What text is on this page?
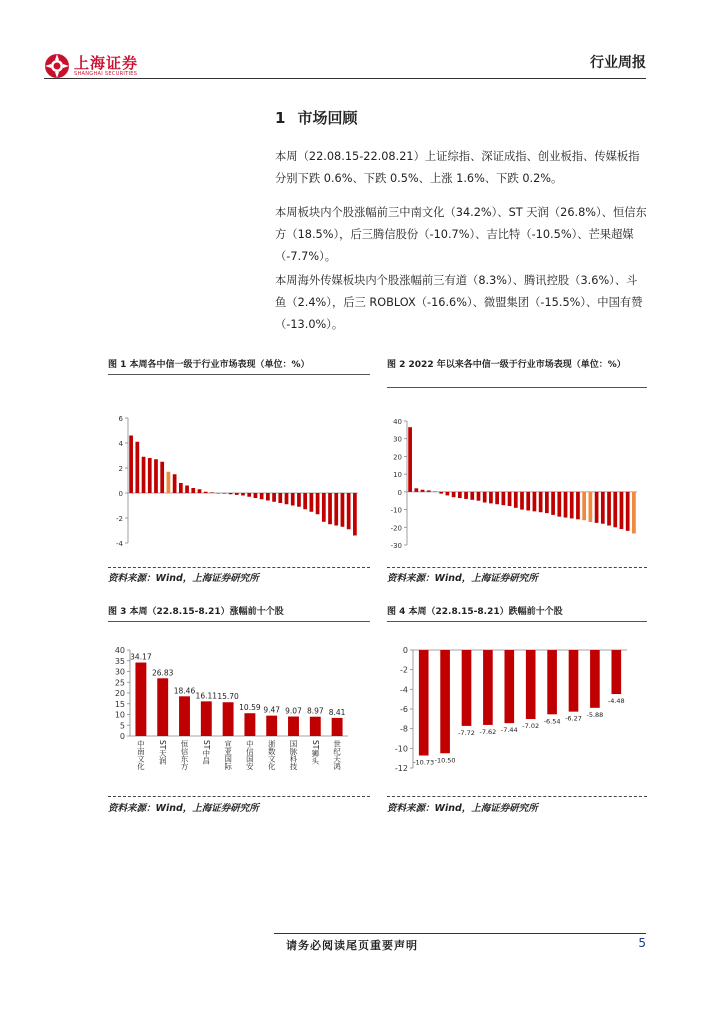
上海证券
SHANGHAI SECURITIES
行业周报
1 市场回顾
本周（22.08.15-22.08.21）上证综指、深证成指、创业板指、传媒板指分别下跌 0.6%、下跌 0.5%、上涨 1.6%、下跌 0.2%。
本周板块内个股涨幅前三中南文化（34.2%）、ST 天润（26.8%）、恒信东方（18.5%），后三腾信股份（-10.7%）、吉比特（-10.5%）、芒果超媒（-7.7%）。
本周海外传媒板块内个股涨幅前三有道（8.3%）、腾讯控股（3.6%）、斗鱼（2.4%），后三 ROBLOX（-16.6%）、微盟集团（-15.5%）、中国有赞（-13.0%）。
图 1 本周各中信一级于行业市场表现（单位：%）	图 2 2022 年以来各中信一级于行业市场表现（单位：%）
图 3 本周（22.8.15-8.21）涨幅前十个股	图 4 本周（22.8.15-8.21）跌幅前十个股
-4
-2
0
2
4
6
-30
-20
-10
0
10
20
30
40
0
5
10
15
20
25
30
35
40
34.17
中南文化
26.83
ST天润
18.46
恒信东方
16.11
ST中昌
15.70
宣亚国际
10.59
中信国安
9.47
浙数文化
9.07
国脉科技
8.97
ST狮头
8.41
世纪天鸿
0
-2
-4
-6
-8
-10
-12
-10.73 -10.50
-7.72 -7.62 -7.44
-7.02
-6.54 -6.27 -5.88
-4.48
资料来源：Wind，上海证券研究所	资料来源：Wind，上海证券研究所
资料来源：Wind，上海证券研究所	资料来源：Wind，上海证券研究所
请务必阅读尾页重要声明	5
